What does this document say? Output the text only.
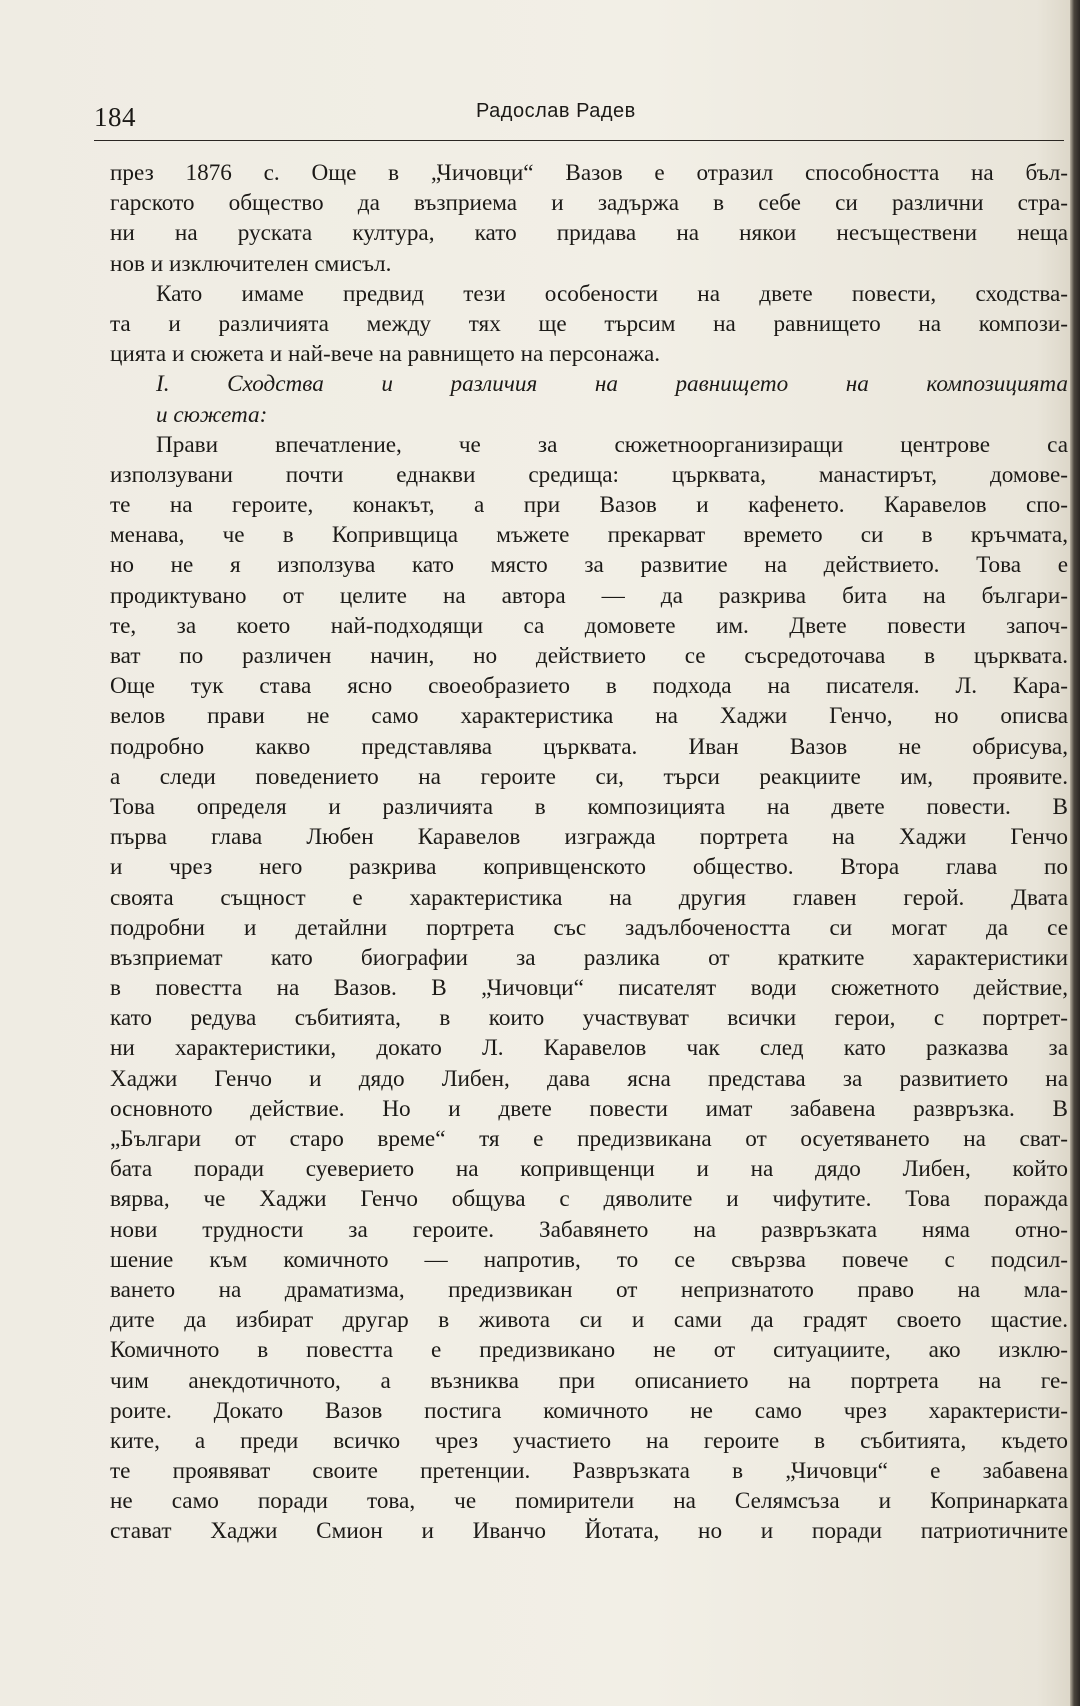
184	Радослав Радев
през 1876 с. Още в „Чичовци“ Вазов е отразил способността на бъл-
гарското общество да възприема и задържа в себе си различни стра-
ни на руската култура, като придава на някои несъществени неща
нов и изключителен смисъл.
Като имаме предвид тези особености на двете повести, сходства-
та и различията между тях ще търсим на равнището на компози-
цията и сюжета и най-вече на равнището на персонажа.
I. Сходства и различия на равнището на композицията
и сюжета:
Прави впечатление, че за сюжетноорганизиращи центрове са
използувани почти еднакви средища: църквата, манастирът, домове-
те на героите, конакът, а при Вазов и кафенето. Каравелов спо-
менава, че в Копривщица мъжете прекарват времето си в кръчмата,
но не я използува като място за развитие на действието. Това е
продиктувано от целите на автора — да разкрива бита на българи-
те, за което най-подходящи са домовете им. Двете повести започ-
ват по различен начин, но действието се съсредоточава в църквата.
Още тук става ясно своеобразието в подхода на писателя. Л. Кара-
велов прави не само характеристика на Хаджи Генчо, но описва
подробно какво представлява църквата. Иван Вазов не обрисува,
а следи поведението на героите си, търси реакциите им, проявите.
Това определя и различията в композицията на двете повести. В
първа глава Любен Каравелов изгражда портрета на Хаджи Генчо
и чрез него разкрива копривщенското общество. Втора глава по
своята същност е характеристика на другия главен герой. Двата
подробни и детайлни портрета със задълбочеността си могат да се
възприемат като биографии за разлика от кратките характеристики
в повестта на Вазов. В „Чичовци“ писателят води сюжетното действие,
като редува събитията, в които участвуват всички герои, с портрет-
ни характеристики, докато Л. Каравелов чак след като разказва за
Хаджи Генчо и дядо Либен, дава ясна представа за развитието на
основното действие. Но и двете повести имат забавена развръзка. В
„Българи от старо време“ тя е предизвикана от осуетяването на сват-
бата поради суеверието на копривщенци и на дядо Либен, който
вярва, че Хаджи Генчо общува с дяволите и чифутите. Това поражда
нови трудности за героите. Забавянето на развръзката няма отно-
шение към комичното — напротив, то се свързва повече с подсил-
ването на драматизма, предизвикан от непризнатото право на мла-
дите да избират другар в живота си и сами да градят своето щастие.
Комичното в повестта е предизвикано не от ситуациите, ако изклю-
чим анекдотичното, а възниква при описанието на портрета на ге-
роите. Докато Вазов постига комичното не само чрез характеристи-
ките, а преди всичко чрез участието на героите в събитията, където
те проявяват своите претенции. Развръзката в „Чичовци“ е забавена
не само поради това, че помирители на Селямсъза и Копринарката
стават Хаджи Смион и Иванчо Йотата, но и поради патриотичните
